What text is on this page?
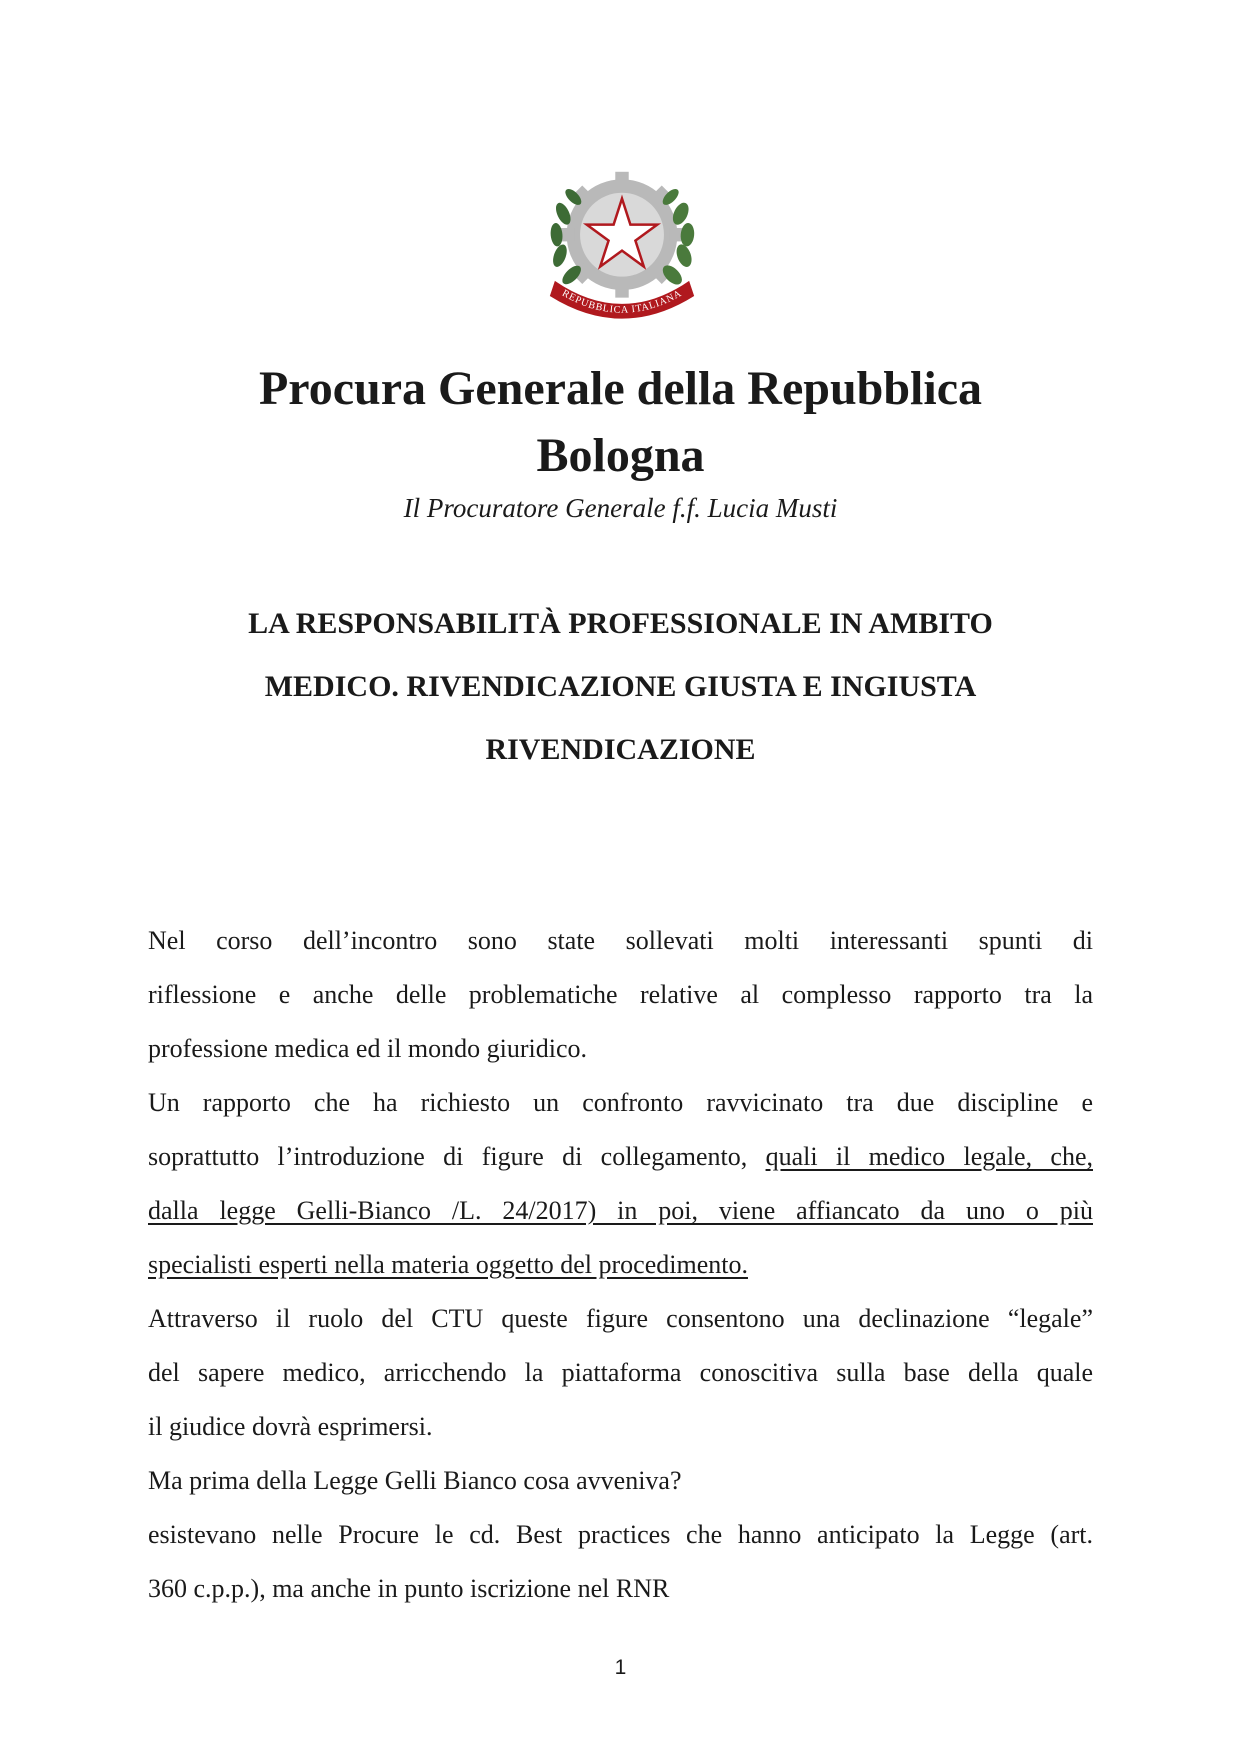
REPUBBLICA ITALIANA
Procura Generale della Repubblica
Bologna

Il Procuratore Generale f.f. Lucia Musti

LA RESPONSABILITÀ PROFESSIONALE IN AMBITO
MEDICO. RIVENDICAZIONE GIUSTA E INGIUSTA
RIVENDICAZIONE

Nel corso dell’incontro sono state sollevati molti interessanti spunti di

riflessione e anche delle problematiche relative al complesso rapporto tra la

professione medica ed il mondo giuridico.

Un rapporto che ha richiesto un confronto ravvicinato tra due discipline e

soprattutto l’introduzione di figure di collegamento, quali il medico legale, che,

dalla legge Gelli-Bianco /L. 24/2017) in poi, viene affiancato da uno o più

specialisti esperti nella materia oggetto del procedimento.

Attraverso il ruolo del CTU queste figure consentono una declinazione “legale”

del sapere medico, arricchendo la piattaforma conoscitiva sulla base della quale

il giudice dovrà esprimersi.

Ma prima della Legge Gelli Bianco cosa avveniva?

esistevano nelle Procure le cd. Best practices che hanno anticipato la Legge (art.

360 c.p.p.), ma anche in punto iscrizione nel RNR

1
